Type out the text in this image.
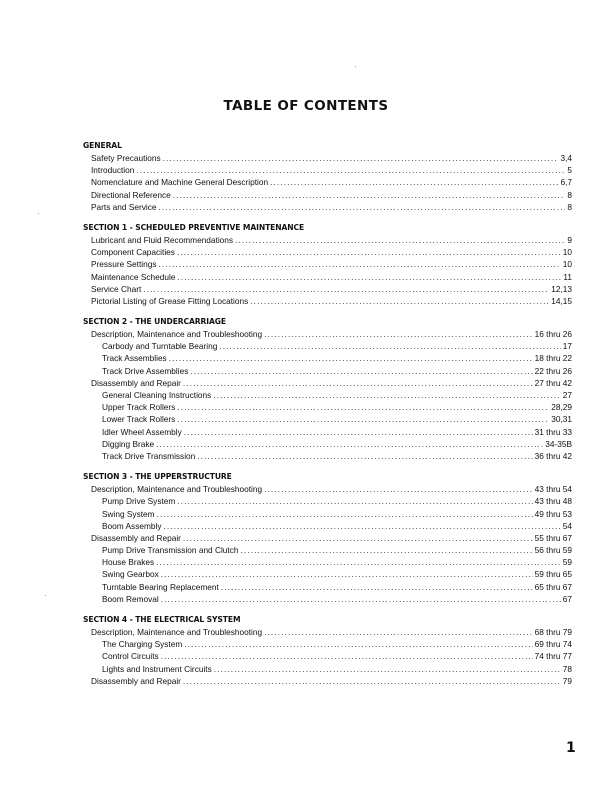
TABLE OF CONTENTS
GENERAL
Safety Precautions .....	3,4
Introduction .....	5
Nomenclature and Machine General Description .....	6,7
Directional Reference .....	8
Parts and Service .....	8
SECTION 1 - SCHEDULED PREVENTIVE MAINTENANCE
Lubricant and Fluid Recommendations .....	9
Component Capacities .....	10
Pressure Settings .....	10
Maintenance Schedule .....	11
Service Chart .....	12,13
Pictorial Listing of Grease Fitting Locations .....	14,15
SECTION 2 - THE UNDERCARRIAGE
Description, Maintenance and Troubleshooting .....	16 thru 26
Carbody and Turntable Bearing .....	17
Track Assemblies .....	18 thru 22
Track Drive Assemblies .....	22 thru 26
Disassembly and Repair .....	27 thru 42
General Cleaning Instructions .....	27
Upper Track Rollers .....	28,29
Lower Track Rollers .....	30,31
Idler Wheel Assembly .....	31 thru 33
Digging Brake .....	34-35B
Track Drive Transmission .....	36 thru 42
SECTION 3 - THE UPPERSTRUCTURE
Description, Maintenance and Troubleshooting .....	43 thru 54
Pump Drive System .....	43 thru 48
Swing System .....	49 thru 53
Boom Assembly .....	54
Disassembly and Repair .....	55 thru 67
Pump Drive Transmission and Clutch .....	56 thru 59
House Brakes .....	59
Swing Gearbox .....	59 thru 65
Turntable Bearing Replacement .....	65 thru 67
Boom Removal .....	67
SECTION 4 - THE ELECTRICAL SYSTEM
Description, Maintenance and Troubleshooting .....	68 thru 79
The Charging System .....	69 thru 74
Control Circuits .....	74 thru 77
Lights and Instrument Circuits .....	78
Disassembly and Repair .....	79
1
